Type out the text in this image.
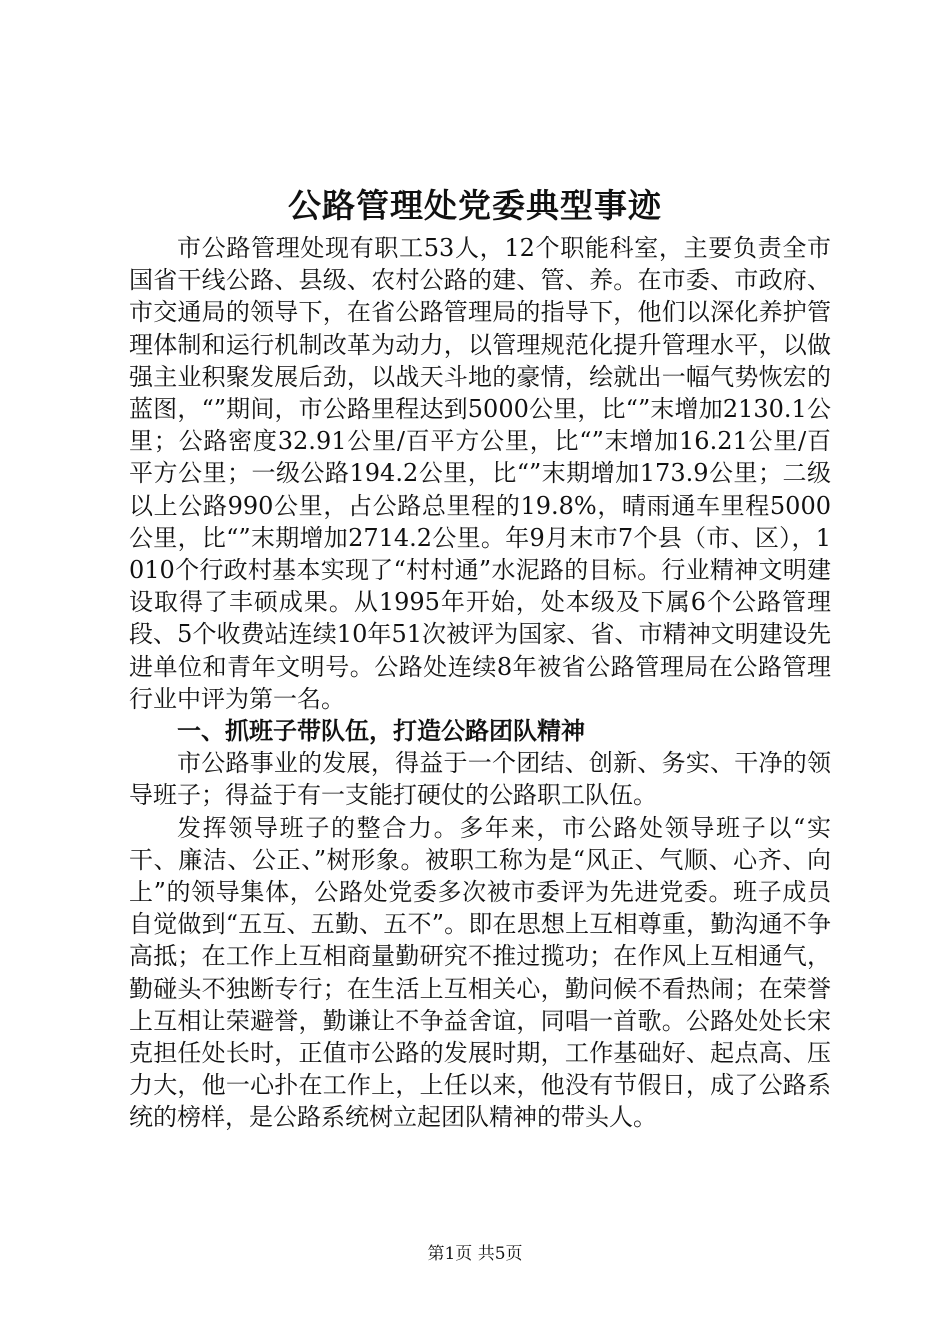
公路管理处党委典型事迹

市公路管理处现有职工53人，12个职能科室，主要负责全市国省干线公路、县级、农村公路的建、管、养。在市委、市政府、市交通局的领导下，在省公路管理局的指导下，他们以深化养护管理体制和运行机制改革为动力，以管理规范化提升管理水平，以做强主业积聚发展后劲，以战天斗地的豪情，绘就出一幅气势恢宏的蓝图，“”期间，市公路里程达到5000公里，比“”末增加2130.1公里；公路密度32.91公里/百平方公里，比“”末增加16.21公里/百平方公里；一级公路194.2公里，比“”末期增加173.9公里；二级以上公路990公里，占公路总里程的19.8%，晴雨通车里程5000公里，比“”末期增加2714.2公里。年9月末市7个县（市、区），1010个行政村基本实现了“村村通”水泥路的目标。行业精神文明建设取得了丰硕成果。从1995年开始，处本级及下属6个公路管理段、5个收费站连续10年51次被评为国家、省、市精神文明建设先进单位和青年文明号。公路处连续8年被省公路管理局在公路管理行业中评为第一名。

一、抓班子带队伍，打造公路团队精神

市公路事业的发展，得益于一个团结、创新、务实、干净的领导班子；得益于有一支能打硬仗的公路职工队伍。

发挥领导班子的整合力。多年来，市公路处领导班子以“实干、廉洁、公正、”树形象。被职工称为是“风正、气顺、心齐、向上”的领导集体，公路处党委多次被市委评为先进党委。班子成员自觉做到“五互、五勤、五不”。即在思想上互相尊重，勤沟通不争高抵；在工作上互相商量勤研究不推过揽功；在作风上互相通气，勤碰头不独断专行；在生活上互相关心，勤问候不看热闹；在荣誉上互相让荣避誉，勤谦让不争益舍谊，同唱一首歌。公路处处长宋克担任处长时，正值市公路的发展时期，工作基础好、起点高、压力大，他一心扑在工作上，上任以来，他没有节假日，成了公路系统的榜样，是公路系统树立起团队精神的带头人。

第1页 共5页
